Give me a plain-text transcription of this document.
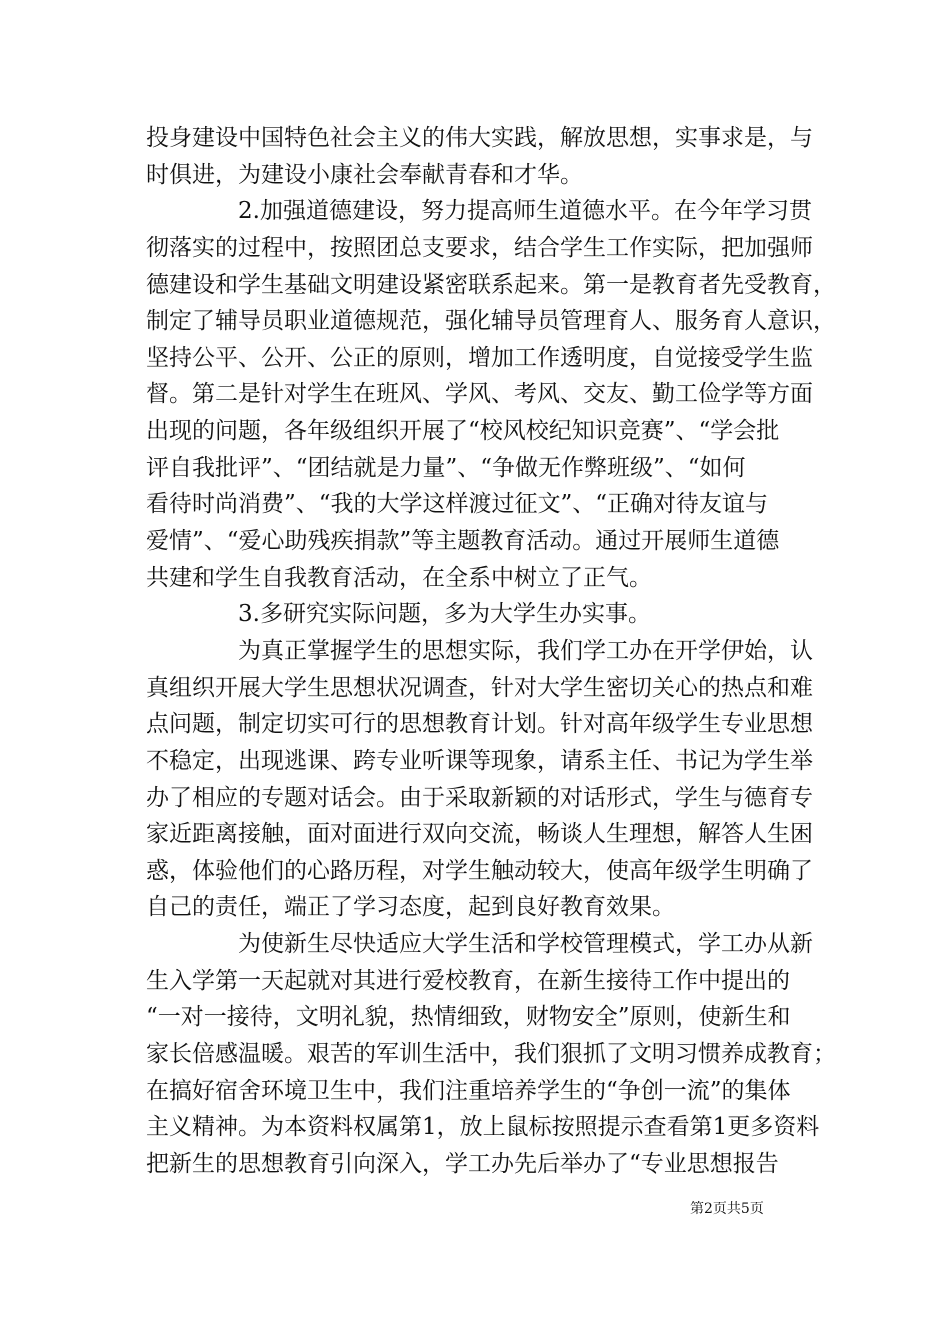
投身建设中国特色社会主义的伟大实践，解放思想，实事求是，与
时俱进，为建设小康社会奉献青春和才华。
　　　　2.加强道德建设，努力提高师生道德水平。在今年学习贯
彻落实的过程中，按照团总支要求，结合学生工作实际，把加强师
德建设和学生基础文明建设紧密联系起来。第一是教育者先受教育，
制定了辅导员职业道德规范，强化辅导员管理育人、服务育人意识，
坚持公平、公开、公正的原则，增加工作透明度，自觉接受学生监
督。第二是针对学生在班风、学风、考风、交友、勤工俭学等方面
出现的问题，各年级组织开展了“校风校纪知识竞赛”、“学会批
评自我批评”、“团结就是力量”、“争做无作弊班级”、“如何
看待时尚消费”、“我的大学这样渡过征文”、“正确对待友谊与
爱情”、“爱心助残疾捐款”等主题教育活动。通过开展师生道德
共建和学生自我教育活动，在全系中树立了正气。
　　　　3.多研究实际问题，多为大学生办实事。
　　　　为真正掌握学生的思想实际，我们学工办在开学伊始，认
真组织开展大学生思想状况调查，针对大学生密切关心的热点和难
点问题，制定切实可行的思想教育计划。针对高年级学生专业思想
不稳定，出现逃课、跨专业听课等现象，请系主任、书记为学生举
办了相应的专题对话会。由于采取新颖的对话形式，学生与德育专
家近距离接触，面对面进行双向交流，畅谈人生理想，解答人生困
惑，体验他们的心路历程，对学生触动较大，使高年级学生明确了
自己的责任，端正了学习态度，起到良好教育效果。
　　　　为使新生尽快适应大学生活和学校管理模式，学工办从新
生入学第一天起就对其进行爱校教育，在新生接待工作中提出的
“一对一接待，文明礼貌，热情细致，财物安全”原则，使新生和
家长倍感温暖。艰苦的军训生活中，我们狠抓了文明习惯养成教育；
在搞好宿舍环境卫生中，我们注重培养学生的“争创一流”的集体
主义精神。为本资料权属第1，放上鼠标按照提示查看第1更多资料
把新生的思想教育引向深入，学工办先后举办了“专业思想报告
第2页共5页
